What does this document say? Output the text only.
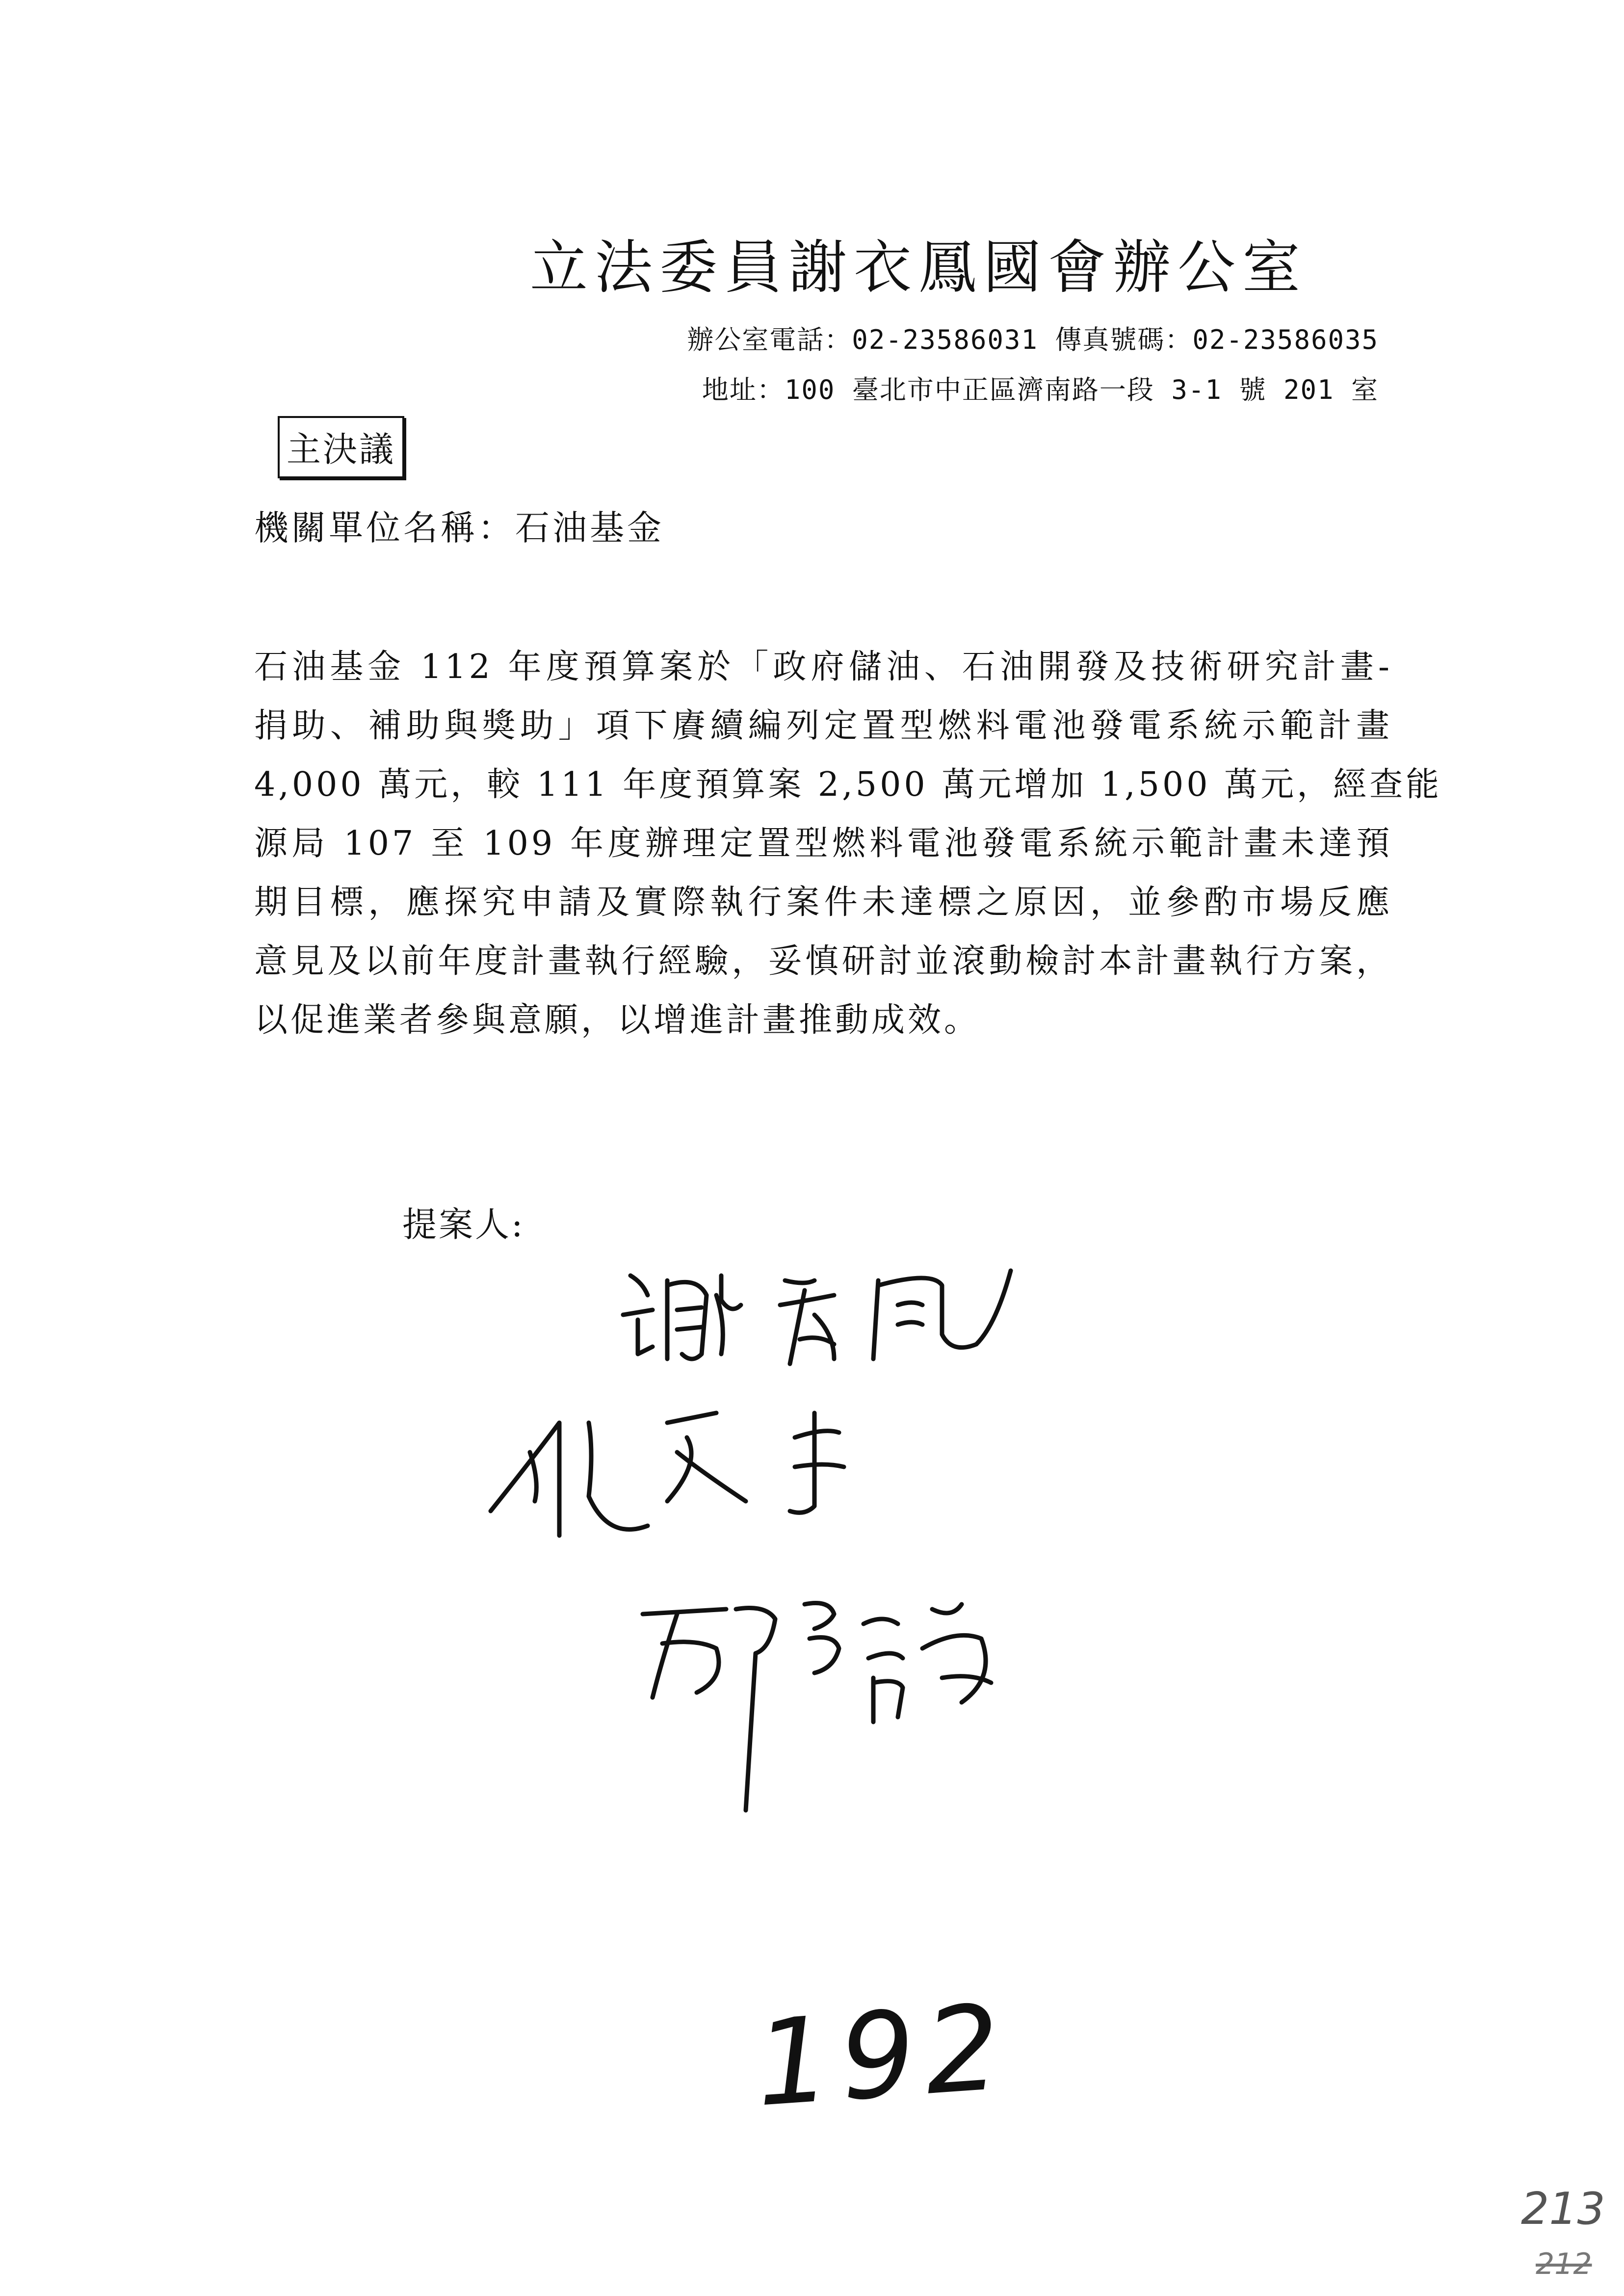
立法委員謝衣鳳國會辦公室
辦公室電話：02-23586031 傳真號碼：02-23586035
地址：100 臺北市中正區濟南路一段 3-1 號 201 室
主決議
機關單位名稱：石油基金
石油基金 112 年度預算案於「政府儲油、石油開發及技術研究計畫-
捐助、補助與獎助」項下賡續編列定置型燃料電池發電系統示範計畫
4,000 萬元，較 111 年度預算案 2,500 萬元增加 1,500 萬元，經查能
源局 107 至 109 年度辦理定置型燃料電池發電系統示範計畫未達預
期目標，應探究申請及實際執行案件未達標之原因，並參酌市場反應
意見及以前年度計畫執行經驗，妥慎研討並滾動檢討本計畫執行方案，
以促進業者參與意願，以增進計畫推動成效。
提案人:
192
213
212
